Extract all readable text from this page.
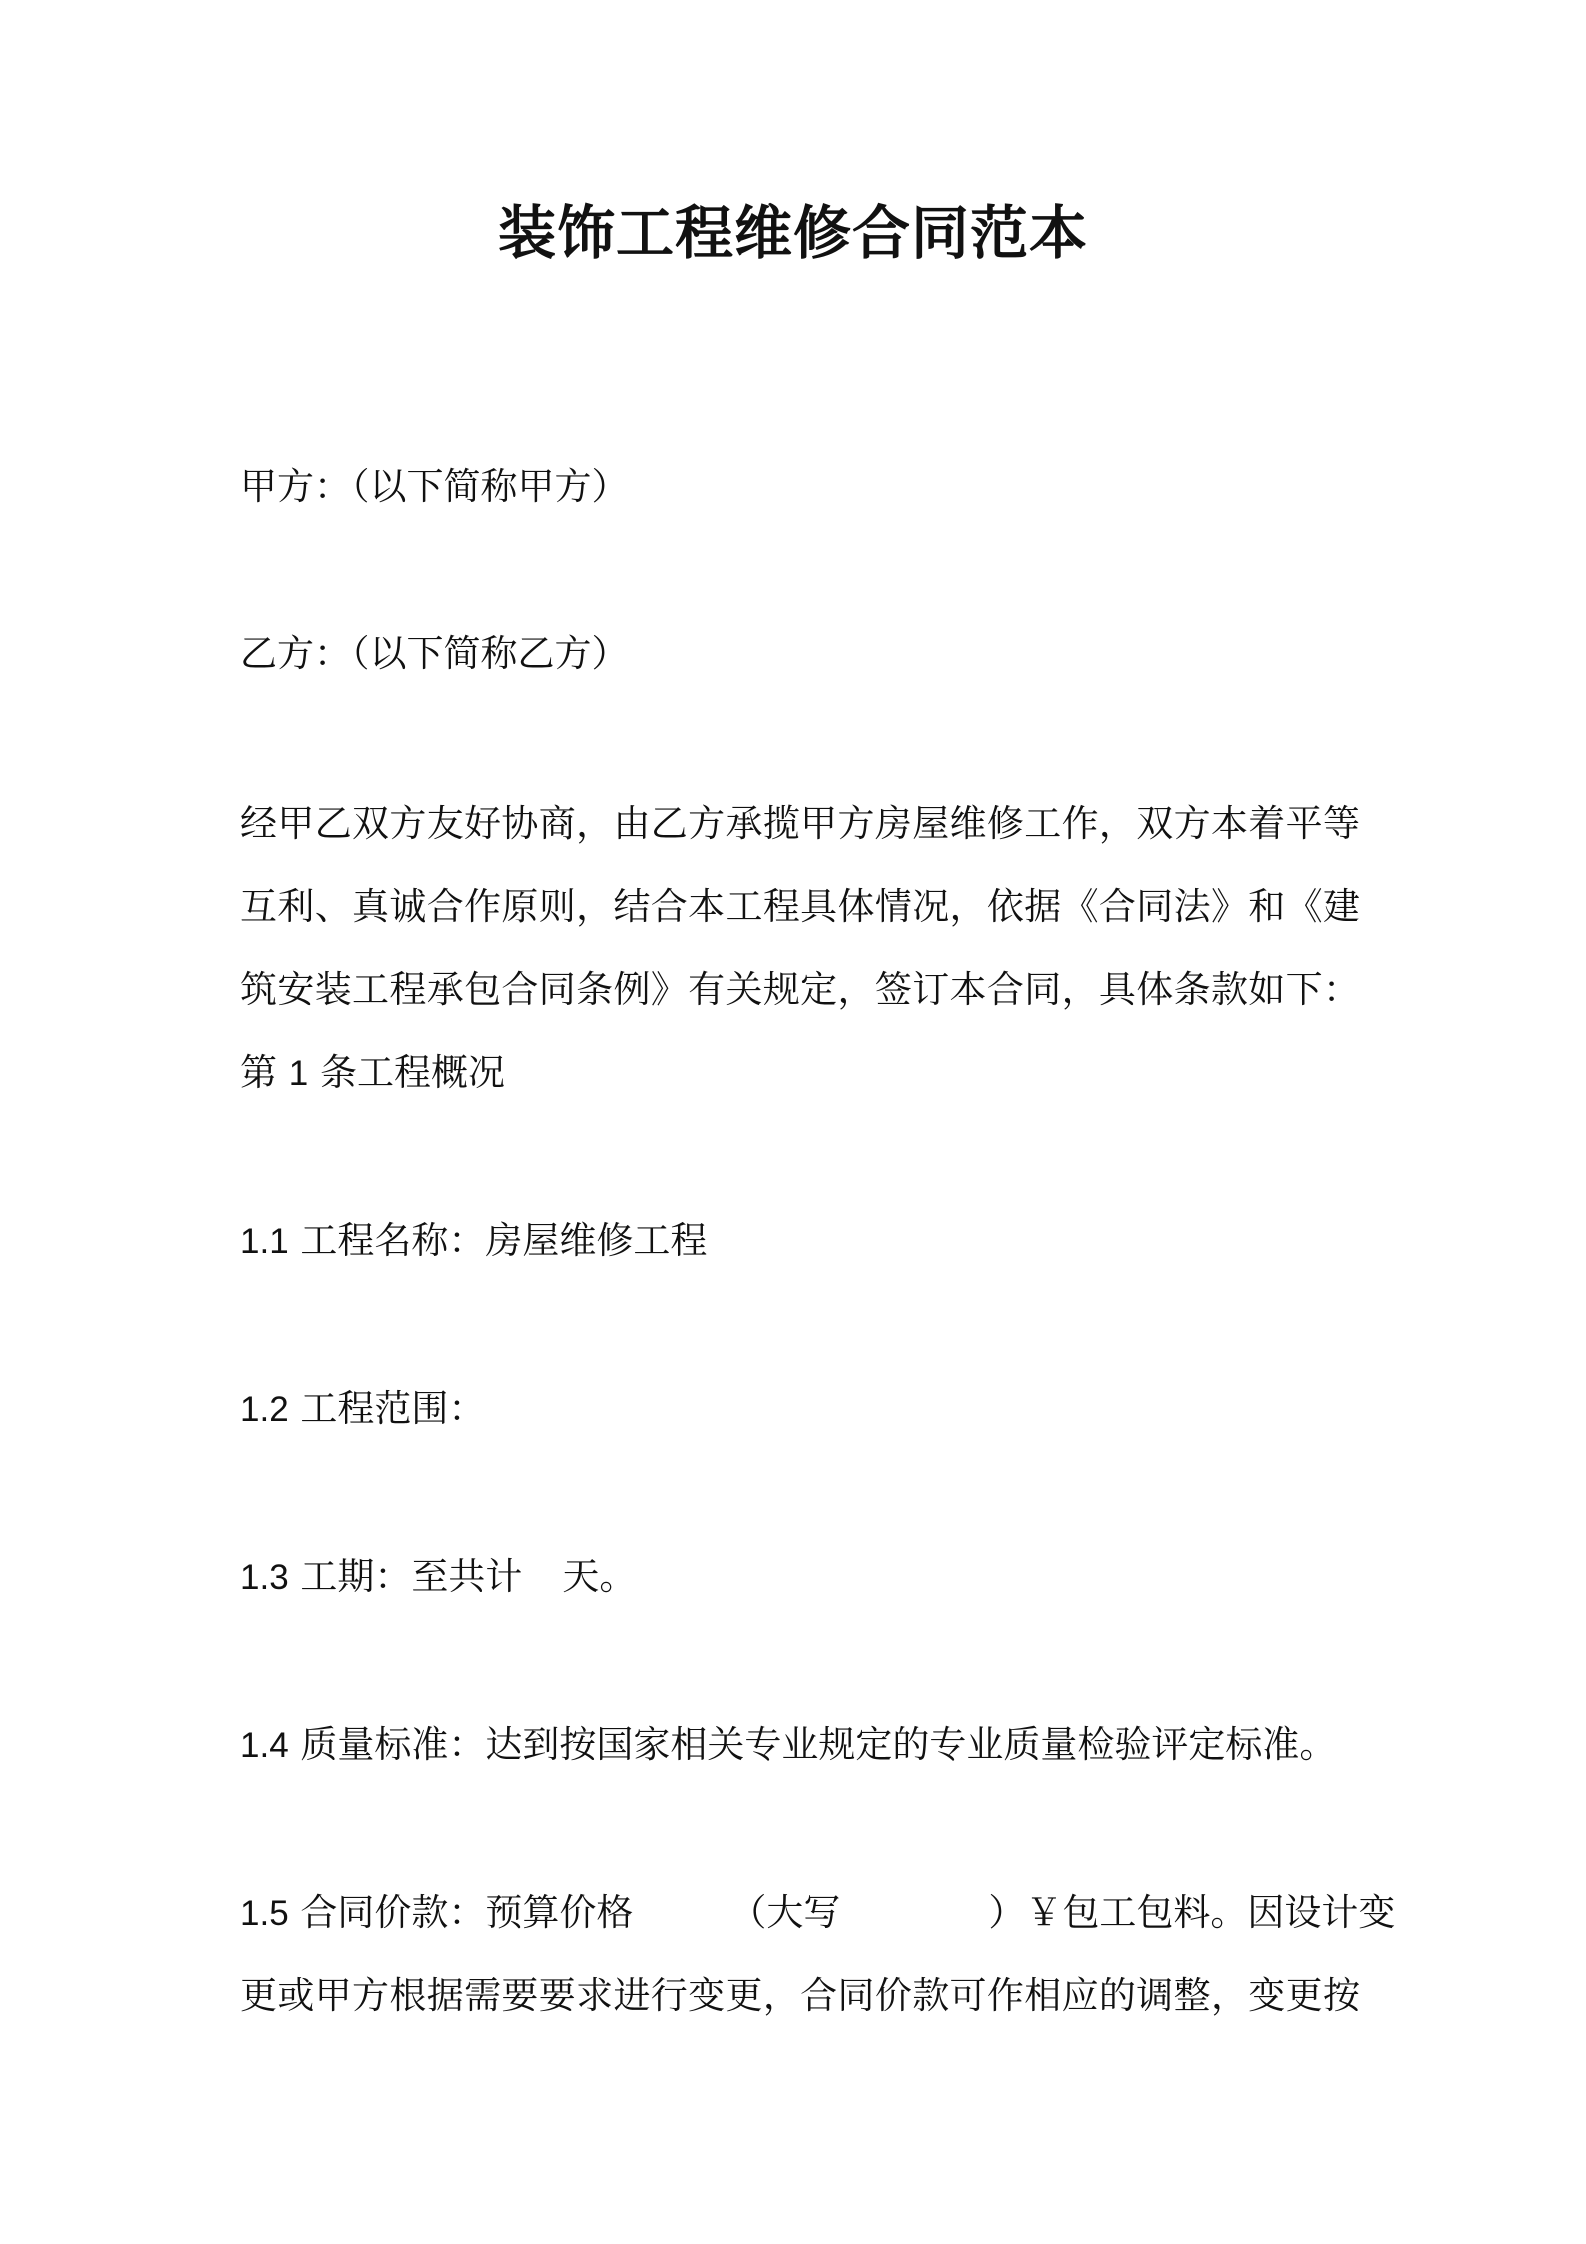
装饰工程维修合同范本

甲方：（以下简称甲方）

乙方：（以下简称乙方）

经甲乙双方友好协商，由乙方承揽甲方房屋维修工作，双方本着平等

互利、真诚合作原则，结合本工程具体情况，依据《合同法》和《建

筑安装工程承包合同条例》有关规定，签订本合同，具体条款如下：

第 1 条工程概况

1.1 工程名称：房屋维修工程

1.2 工程范围：

1.3 工期：至共计 天。

1.4 质量标准：达到按国家相关专业规定的专业质量检验评定标准。

1.5 合同价款：预算价格	（大写	）￥包工包料。因设计变

更或甲方根据需要要求进行变更，合同价款可作相应的调整，变更按
